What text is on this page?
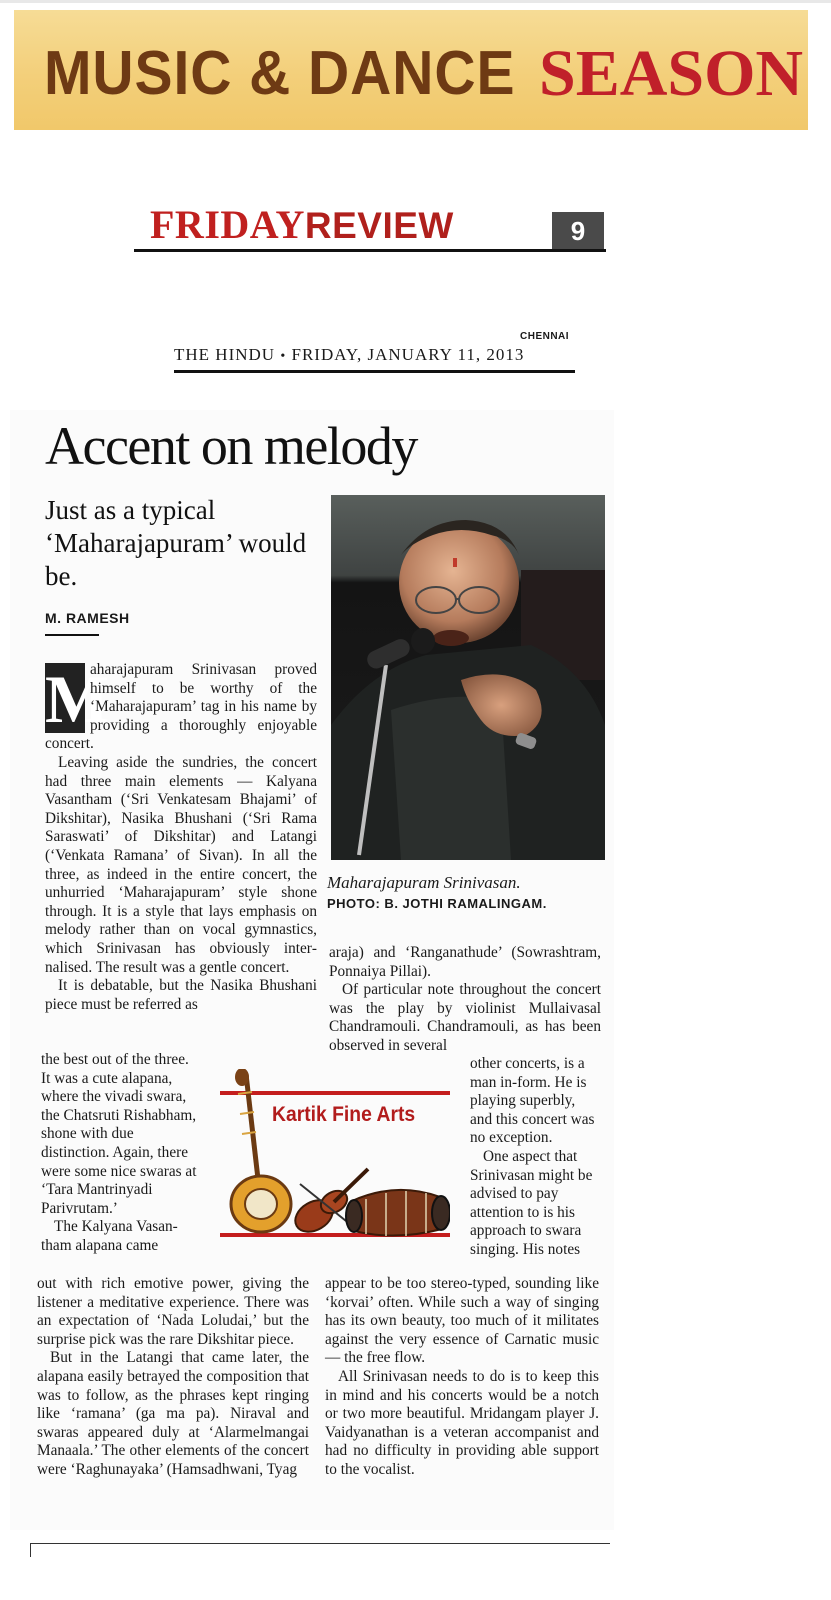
MUSIC & DANCE SEASON
FRIDAYREVIEW	9
CHENNAI
THE HINDU • FRIDAY, JANUARY 11, 2013
Accent on melody
Just as a typical ‘Maharajapuram’ would be.
M. RAMESH
Maharajapuram Srinivasan.
PHOTO: B. JOTHI RAMALINGAM.

M
aharajapuram Srinivasan proved himself to be worthy of the ‘Maharajapuram’ tag in his name by providing a thoroughly enjoyable concert.

Leaving aside the sundries, the concert had three main elements — Kalyana Vasantham (‘Sri Venkatesam Bhajami’ of Dikshitar), Nasika Bhushani (‘Sri Rama Saraswati’ of Dikshitar) and Latangi (‘Venkata Ramana’ of Sivan). In all the three, as indeed in the entire concert, the unhurried ‘Maharajapuram’ style shone through. It is a style that lays emphasis on melody rather than on vocal gymnastics, which Srinivasan has obviously internalised. The result was a gentle concert.

It is debatable, but the Nasika Bhushani piece must be referred as

the best out of the three. It was a cute alapana, where the vivadi swara, the Chatsruti Rishabham, shone with due distinction. Again, there were some nice swaras at ‘Tara Mantrinyadi Parivrutam.’

The Kalyana Vasantham alapana came

out with rich emotive power, giving the listener a meditative experience. There was an expectation of ‘Nada Loludai,’ but the surprise pick was the rare Dikshitar piece.

But in the Latangi that came later, the alapana easily betrayed the composition that was to follow, as the phrases kept ringing like ‘ramana’ (ga ma pa). Niraval and swaras appeared duly at ‘Alarmelmangai Manaala.’ The other elements of the concert were ‘Raghunayaka’ (Hamsadhwani, Tyag

araja) and ‘Ranganathude’ (Sowrashtram, Ponnaiya Pillai).

Of particular note throughout the concert was the play by violinist Mullaivasal Chandramouli. Chandramouli, as has been observed in several

other concerts, is a man in-form. He is playing superbly, and this concert was no exception.

One aspect that Srinivasan might be advised to pay attention to is his approach to swara singing. His notes

appear to be too stereo-typed, sounding like ‘korvai’ often. While such a way of singing has its own beauty, too much of it militates against the very essence of Carnatic music — the free flow.

All Srinivasan needs to do is to keep this in mind and his concerts would be a notch or two more beautiful. Mridangam player J. Vaidyanathan is a veteran accompanist and had no difficulty in providing able support to the vocalist.

Kartik Fine Arts
